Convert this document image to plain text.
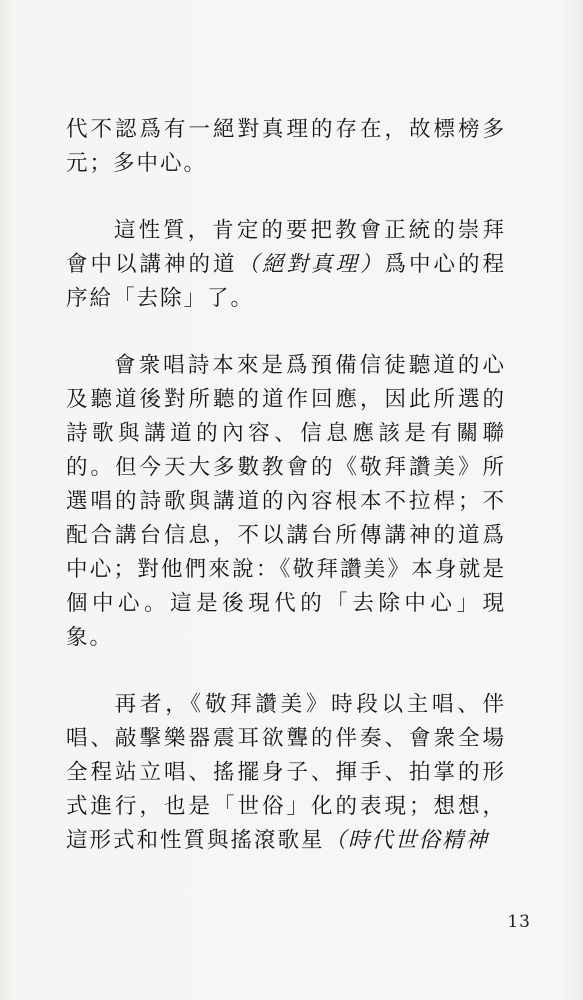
代不認爲有一絕對真理的存在，故標榜多元；多中心。

這性質，肯定的要把教會正統的崇拜會中以講神的道（絕對真理）爲中心的程序給「去除」了。

會衆唱詩本來是爲預備信徒聽道的心及聽道後對所聽的道作回應，因此所選的詩歌與講道的內容、信息應該是有關聯的。但今天大多數教會的《敬拜讚美》所選唱的詩歌與講道的內容根本不拉桿；不配合講台信息，不以講台所傳講神的道爲中心；對他們來說：《敬拜讚美》本身就是個中心。這是後現代的「去除中心」現象。

再者，《敬拜讚美》時段以主唱、伴唱、敲擊樂器震耳欲聾的伴奏、會衆全場全程站立唱、搖擺身子、揮手、拍掌的形式進行，也是「世俗」化的表現；想想，這形式和性質與搖滾歌星（時代世俗精神

13
